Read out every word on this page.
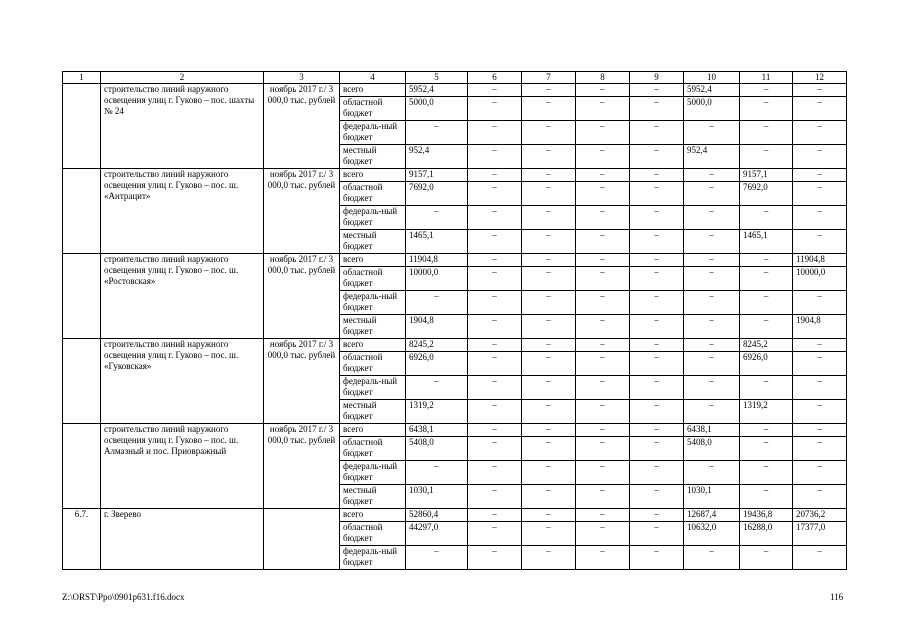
1	2	3	4	5	6	7	8	9	10	11	12
	строительство линий наружного освещения улиц г. Гуково – пос. шахты № 24	ноябрь 2017 г./ 3 000,0 тыс. рублей	всего	5952,4	–	–	–	–	5952,4	–	–
			областной бюджет	5000,0	–	–	–	–	5000,0	–	–
			федераль-ный бюджет	–	–	–	–	–	–	–	–
			местный бюджет	952,4	–	–	–	–	952,4	–	–
	строительство линий наружного освещения улиц г. Гуково – пос. ш. «Антрацит»	ноябрь 2017 г./ 3 000,0 тыс. рублей	всего	9157,1	–	–	–	–	–	9157,1	–
			областной бюджет	7692,0	–	–	–	–	–	7692,0	–
			федераль-ный бюджет	–	–	–	–	–	–	–	–
			местный бюджет	1465,1	–	–	–	–	–	1465,1	–
	строительство линий наружного освещения улиц г. Гуково – пос. ш. «Ростовская»	ноябрь 2017 г./ 3 000,0 тыс. рублей	всего	11904,8	–	–	–	–	–	–	11904,8
			областной бюджет	10000,0	–	–	–	–	–	–	10000,0
			федераль-ный бюджет	–	–	–	–	–	–	–	–
			местный бюджет	1904,8	–	–	–	–	–	–	1904,8
	строительство линий наружного освещения улиц г. Гуково – пос. ш. «Гуковская»	ноябрь 2017 г./ 3 000,0 тыс. рублей	всего	8245,2	–	–	–	–	–	8245,2	–
			областной бюджет	6926,0	–	–	–	–	–	6926,0	–
			федераль-ный бюджет	–	–	–	–	–	–	–	–
			местный бюджет	1319,2	–	–	–	–	–	1319,2	–
	строительство линий наружного освещения улиц г. Гуково – пос. ш. Алмазный и пос. Приовражный	ноябрь 2017 г./ 3 000,0 тыс. рублей	всего	6438,1	–	–	–	–	6438,1	–	–
			областной бюджет	5408,0	–	–	–	–	5408,0	–	–
			федераль-ный бюджет	–	–	–	–	–	–	–	–
			местный бюджет	1030,1	–	–	–	–	1030,1	–	–
6.7.	г. Зверево		всего	52860,4	–	–	–	–	12687,4	19436,8	20736,2
			областной бюджет	44297,0	–	–	–	–	10632,0	16288,0	17377,0
			федераль-ный бюджет	–	–	–	–	–	–	–	–
Z:\ORST\Ppo\0901p631.f16.docx	116
